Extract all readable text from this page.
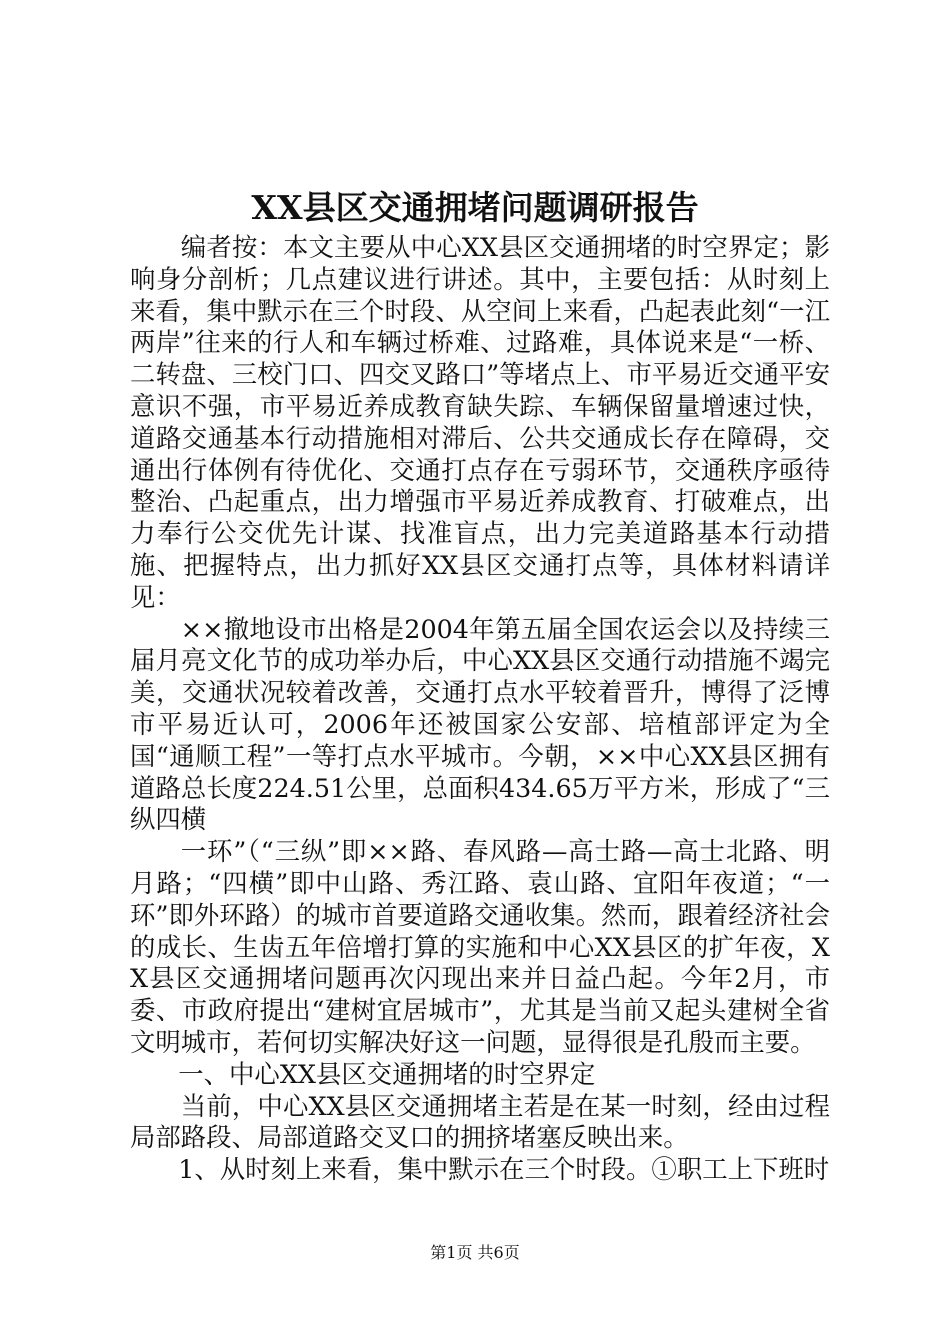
XX县区交通拥堵问题调研报告

编者按：本文主要从中心XX县区交通拥堵的时空界定；影响身分剖析；几点建议进行讲述。其中，主要包括：从时刻上来看，集中默示在三个时段、从空间上来看，凸起表此刻“一江两岸”往来的行人和车辆过桥难、过路难，具体说来是“一桥、二转盘、三校门口、四交叉路口”等堵点上、市平易近交通平安意识不强，市平易近养成教育缺失踪、车辆保留量增速过快，道路交通基本行动措施相对滞后、公共交通成长存在障碍，交通出行体例有待优化、交通打点存在亏弱环节，交通秩序亟待整治、凸起重点，出力增强市平易近养成教育、打破难点，出力奉行公交优先计谋、找准盲点，出力完美道路基本行动措施、把握特点，出力抓好XX县区交通打点等，具体材料请详见：

××撤地设市出格是2004年第五届全国农运会以及持续三届月亮文化节的成功举办后，中心XX县区交通行动措施不竭完美，交通状况较着改善，交通打点水平较着晋升，博得了泛博市平易近认可，2006年还被国家公安部、培植部评定为全国“通顺工程”一等打点水平城市。今朝，××中心XX县区拥有道路总长度224.51公里，总面积434.65万平方米，形成了“三纵四横

一环”（“三纵”即××路、春风路—高士路—高士北路、明月路；“四横”即中山路、秀江路、袁山路、宜阳年夜道；“一环”即外环路）的城市首要道路交通收集。然而，跟着经济社会的成长、生齿五年倍增打算的实施和中心XX县区的扩年夜，XX县区交通拥堵问题再次闪现出来并日益凸起。今年2月，市委、市政府提出“建树宜居城市”，尤其是当前又起头建树全省文明城市，若何切实解决好这一问题，显得很是孔殷而主要。

一、中心XX县区交通拥堵的时空界定

当前，中心XX县区交通拥堵主若是在某一时刻，经由过程局部路段、局部道路交叉口的拥挤堵塞反映出来。

1、从时刻上来看，集中默示在三个时段。①职工上下班时

第1页 共6页
